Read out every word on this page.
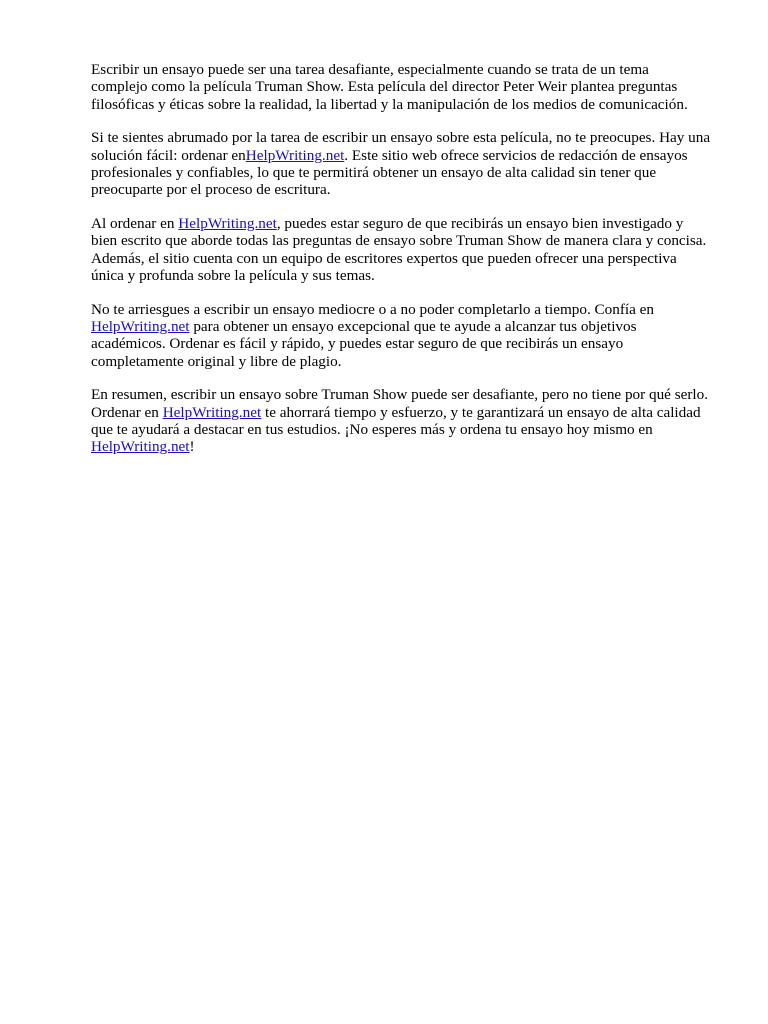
Escribir un ensayo puede ser una tarea desafiante, especialmente cuando se trata de un tema
complejo como la película Truman Show. Esta película del director Peter Weir plantea preguntas
filosóficas y éticas sobre la realidad, la libertad y la manipulación de los medios de comunicación.

Si te sientes abrumado por la tarea de escribir un ensayo sobre esta película, no te preocupes. Hay una
solución fácil: ordenar enHelpWriting.net. Este sitio web ofrece servicios de redacción de ensayos
profesionales y confiables, lo que te permitirá obtener un ensayo de alta calidad sin tener que
preocuparte por el proceso de escritura.

Al ordenar en HelpWriting.net, puedes estar seguro de que recibirás un ensayo bien investigado y
bien escrito que aborde todas las preguntas de ensayo sobre Truman Show de manera clara y concisa.
Además, el sitio cuenta con un equipo de escritores expertos que pueden ofrecer una perspectiva
única y profunda sobre la película y sus temas.

No te arriesgues a escribir un ensayo mediocre o a no poder completarlo a tiempo. Confía en
HelpWriting.net para obtener un ensayo excepcional que te ayude a alcanzar tus objetivos
académicos. Ordenar es fácil y rápido, y puedes estar seguro de que recibirás un ensayo
completamente original y libre de plagio.

En resumen, escribir un ensayo sobre Truman Show puede ser desafiante, pero no tiene por qué serlo.
Ordenar en HelpWriting.net te ahorrará tiempo y esfuerzo, y te garantizará un ensayo de alta calidad
que te ayudará a destacar en tus estudios. ¡No esperes más y ordena tu ensayo hoy mismo en
HelpWriting.net!
